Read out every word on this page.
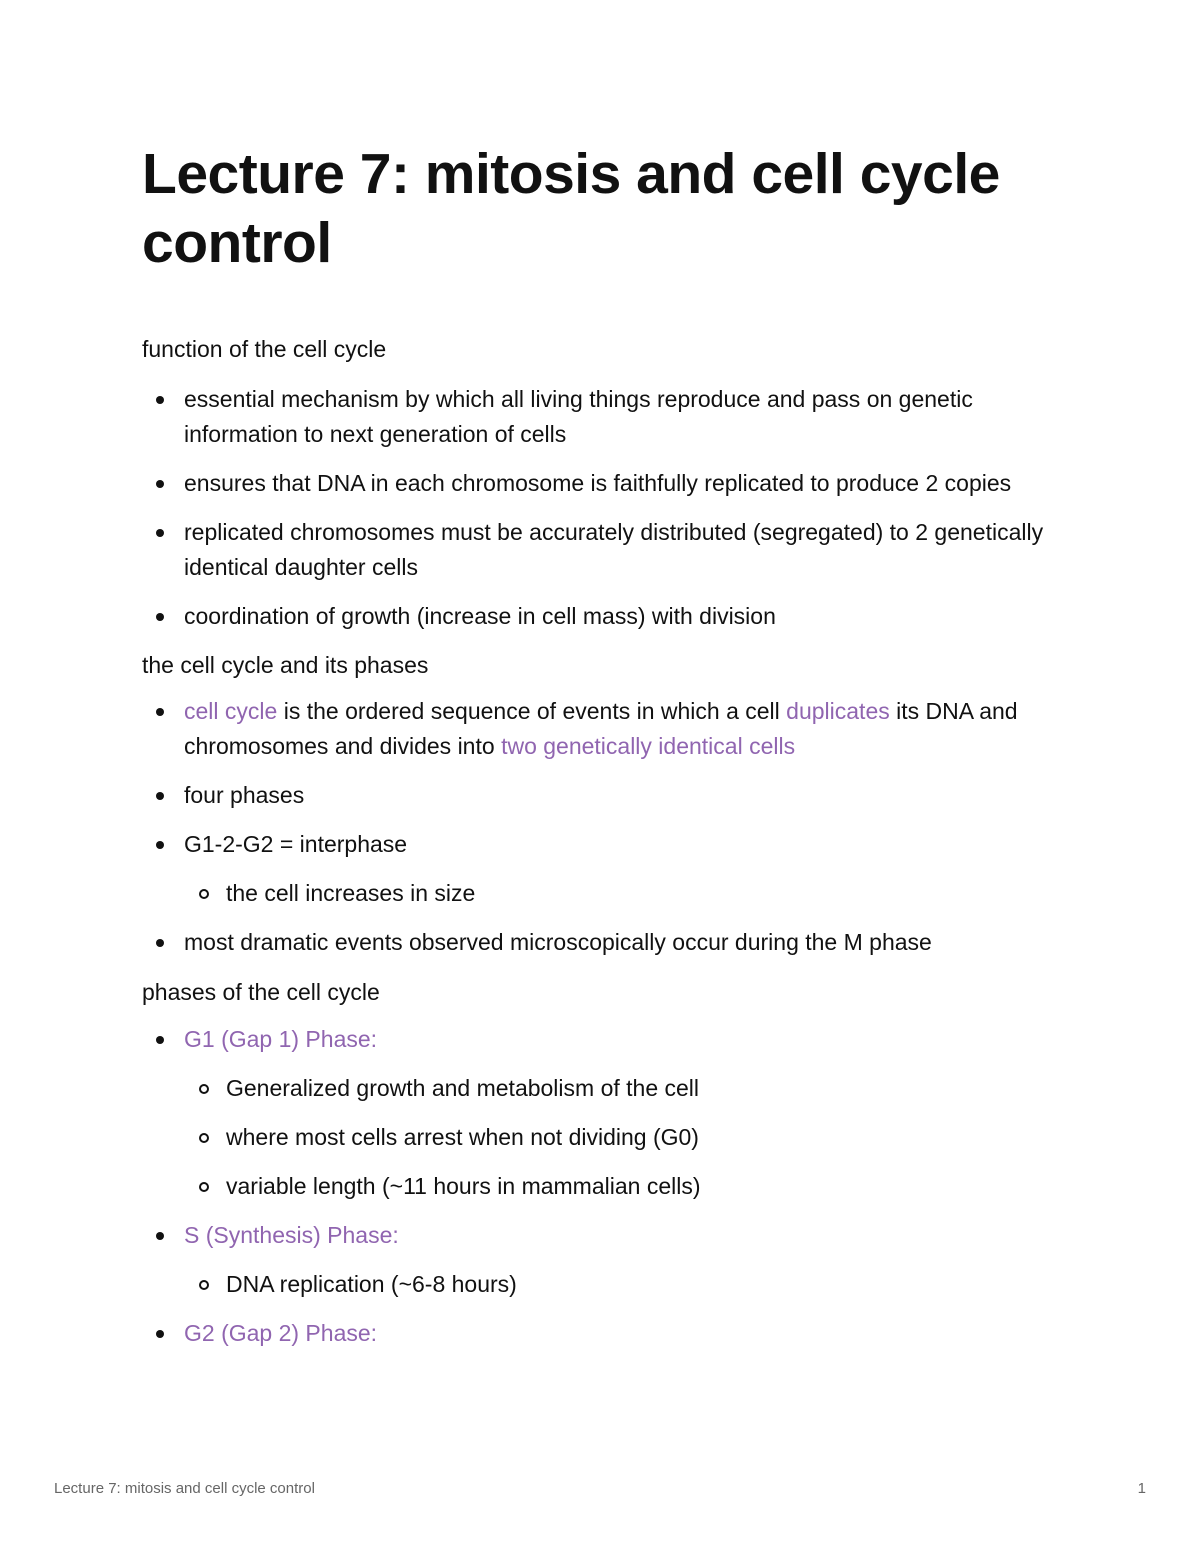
Lecture 7: mitosis and cell cycle control

function of the cell cycle

essential mechanism by which all living things reproduce and pass on genetic information to next generation of cells
ensures that DNA in each chromosome is faithfully replicated to produce 2 copies
replicated chromosomes must be accurately distributed (segregated) to 2 genetically identical daughter cells
coordination of growth (increase in cell mass) with division

the cell cycle and its phases

cell cycle is the ordered sequence of events in which a cell duplicates its DNA and chromosomes and divides into two genetically identical cells
four phases
G1-2-G2 = interphase
the cell increases in size
most dramatic events observed microscopically occur during the M phase

phases of the cell cycle

G1 (Gap 1) Phase:
Generalized growth and metabolism of the cell
where most cells arrest when not dividing (G0)
variable length (~11 hours in mammalian cells)
S (Synthesis) Phase:
DNA replication (~6-8 hours)
G2 (Gap 2) Phase:
Lecture 7: mitosis and cell cycle control	1
